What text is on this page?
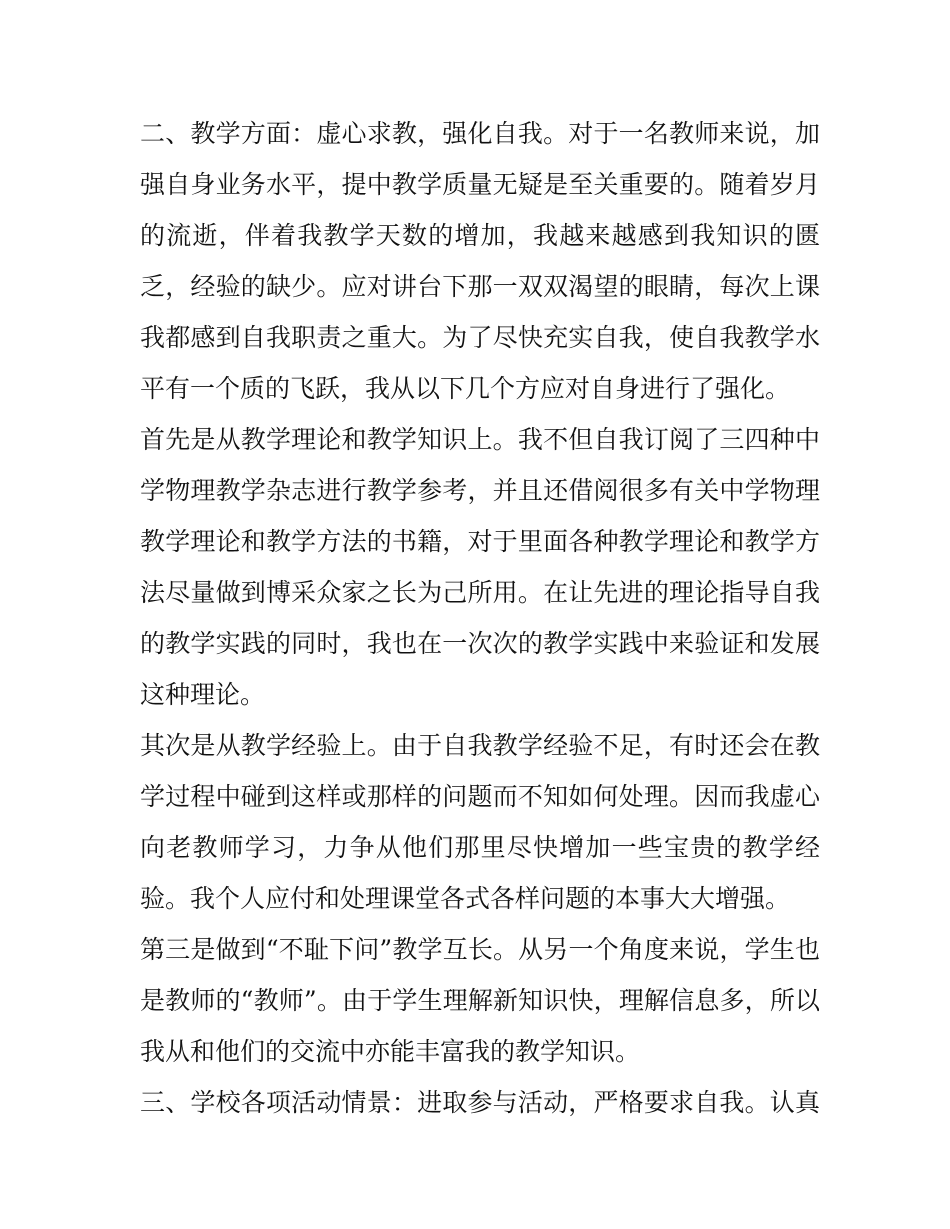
二、教学方面：虚心求教，强化自我。对于一名教师来说，加
强自身业务水平，提中教学质量无疑是至关重要的。随着岁月
的流逝，伴着我教学天数的增加，我越来越感到我知识的匮
乏，经验的缺少。应对讲台下那一双双渴望的眼睛，每次上课
我都感到自我职责之重大。为了尽快充实自我，使自我教学水
平有一个质的飞跃，我从以下几个方应对自身进行了强化。
首先是从教学理论和教学知识上。我不但自我订阅了三四种中
学物理教学杂志进行教学参考，并且还借阅很多有关中学物理
教学理论和教学方法的书籍，对于里面各种教学理论和教学方
法尽量做到博采众家之长为己所用。在让先进的理论指导自我
的教学实践的同时，我也在一次次的教学实践中来验证和发展
这种理论。
其次是从教学经验上。由于自我教学经验不足，有时还会在教
学过程中碰到这样或那样的问题而不知如何处理。因而我虚心
向老教师学习，力争从他们那里尽快增加一些宝贵的教学经
验。我个人应付和处理课堂各式各样问题的本事大大增强。
第三是做到“不耻下问”教学互长。从另一个角度来说，学生也
是教师的“教师”。由于学生理解新知识快，理解信息多，所以
我从和他们的交流中亦能丰富我的教学知识。
三、学校各项活动情景：进取参与活动，严格要求自我。认真
